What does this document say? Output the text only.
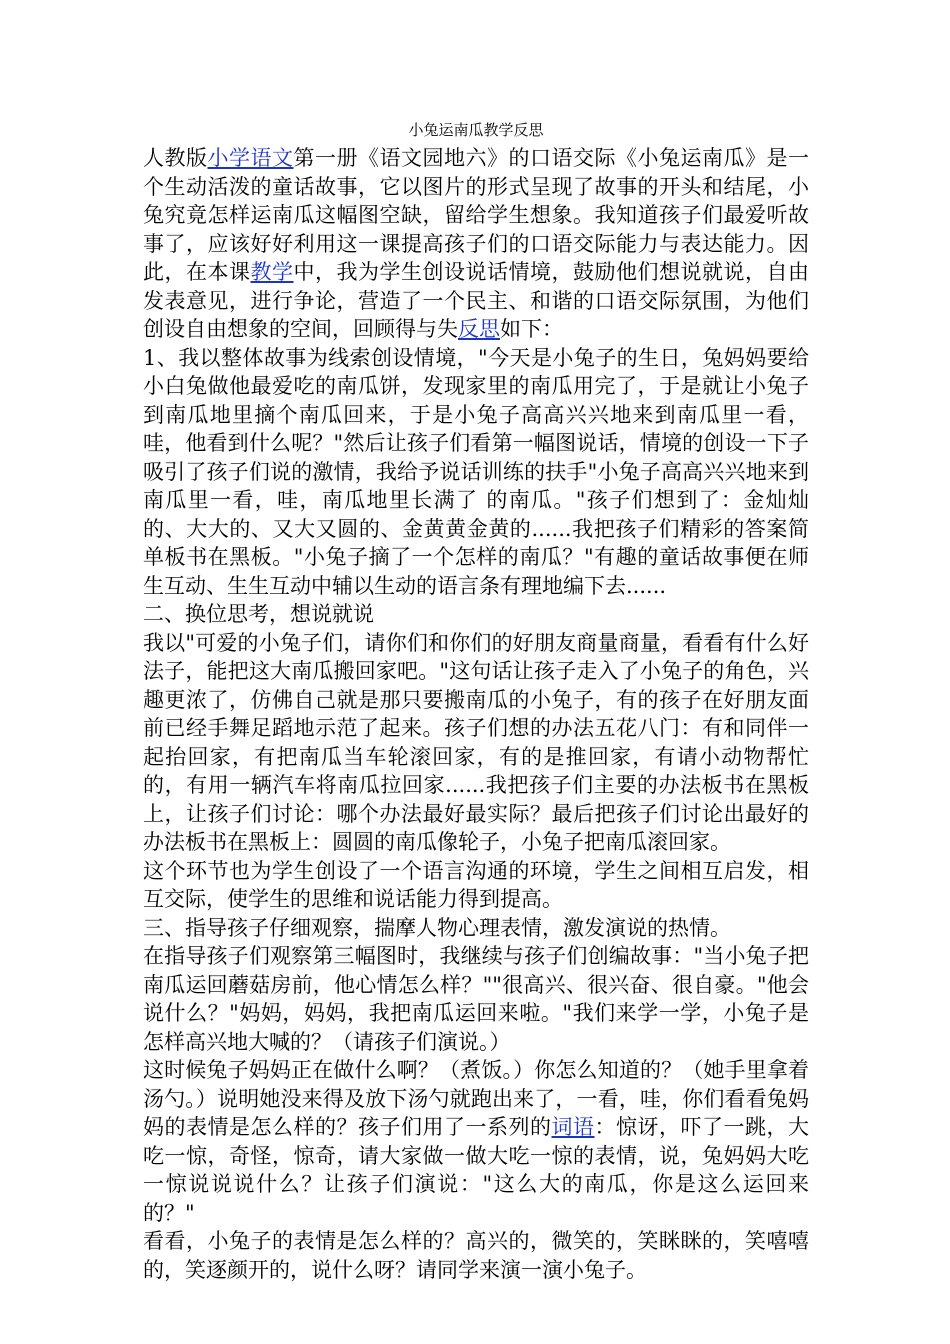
小兔运南瓜教学反思

人教版小学语文第一册《语文园地六》的口语交际《小兔运南瓜》是一个生动活泼的童话故事，它以图片的形式呈现了故事的开头和结尾，小兔究竟怎样运南瓜这幅图空缺，留给学生想象。我知道孩子们最爱听故事了，应该好好利用这一课提高孩子们的口语交际能力与表达能力。因此，在本课教学中，我为学生创设说话情境，鼓励他们想说就说，自由发表意见，进行争论，营造了一个民主、和谐的口语交际氛围，为他们创设自由想象的空间，回顾得与失反思如下：

1、我以整体故事为线索创设情境，"今天是小兔子的生日，兔妈妈要给小白兔做他最爱吃的南瓜饼，发现家里的南瓜用完了，于是就让小兔子到南瓜地里摘个南瓜回来，于是小兔子高高兴兴地来到南瓜里一看，哇，他看到什么呢？"然后让孩子们看第一幅图说话，情境的创设一下子吸引了孩子们说的激情，我给予说话训练的扶手"小兔子高高兴兴地来到南瓜里一看，哇，南瓜地里长满了 的南瓜。"孩子们想到了：金灿灿的、大大的、又大又圆的、金黄黄金黄的......我把孩子们精彩的答案简单板书在黑板。"小兔子摘了一个怎样的南瓜？"有趣的童话故事便在师生互动、生生互动中辅以生动的语言条有理地编下去......

二、换位思考，想说就说

我以"可爱的小兔子们，请你们和你们的好朋友商量商量，看看有什么好法子，能把这大南瓜搬回家吧。"这句话让孩子走入了小兔子的角色，兴趣更浓了，仿佛自己就是那只要搬南瓜的小兔子，有的孩子在好朋友面前已经手舞足蹈地示范了起来。孩子们想的办法五花八门：有和同伴一起抬回家，有把南瓜当车轮滚回家，有的是推回家，有请小动物帮忙的，有用一辆汽车将南瓜拉回家......我把孩子们主要的办法板书在黑板上，让孩子们讨论：哪个办法最好最实际？最后把孩子们讨论出最好的办法板书在黑板上：圆圆的南瓜像轮子，小兔子把南瓜滚回家。

这个环节也为学生创设了一个语言沟通的环境，学生之间相互启发，相互交际，使学生的思维和说话能力得到提高。

三、指导孩子仔细观察，揣摩人物心理表情，激发演说的热情。

在指导孩子们观察第三幅图时，我继续与孩子们创编故事："当小兔子把南瓜运回蘑菇房前，他心情怎么样？""很高兴、很兴奋、很自豪。"他会说什么？"妈妈，妈妈，我把南瓜运回来啦。"我们来学一学，小兔子是怎样高兴地大喊的？（请孩子们演说。）

这时候兔子妈妈正在做什么啊？（煮饭。）你怎么知道的？（她手里拿着汤勺。）说明她没来得及放下汤勺就跑出来了，一看，哇，你们看看兔妈妈的表情是怎么样的？孩子们用了一系列的词语：惊讶，吓了一跳，大吃一惊，奇怪，惊奇，请大家做一做大吃一惊的表情，说，兔妈妈大吃一惊说说说什么？让孩子们演说："这么大的南瓜，你是这么运回来的？"

看看，小兔子的表情是怎么样的？高兴的，微笑的，笑眯眯的，笑嘻嘻的，笑逐颜开的，说什么呀？请同学来演一演小兔子。
